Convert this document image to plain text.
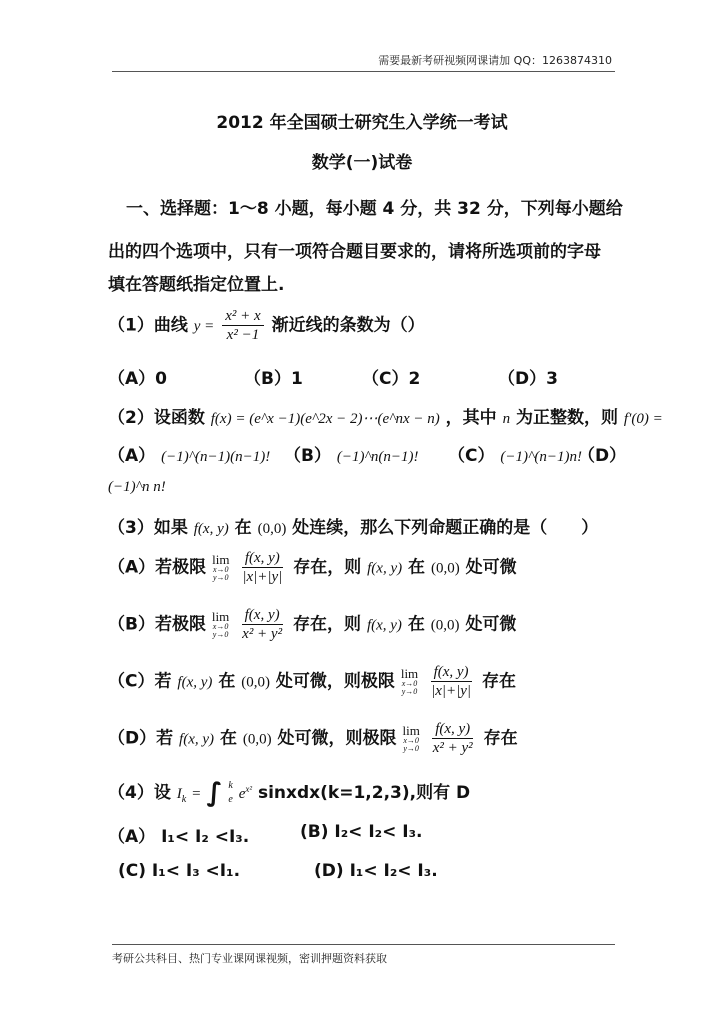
需要最新考研视频网课请加 QQ：1263874310
2012 年全国硕士研究生入学统一考试
数学(一)试卷
一、选择题：1～8 小题，每小题 4 分，共 32 分，下列每小题给
出的四个选项中，只有一项符合题目要求的，请将所选项前的字母
填在答题纸指定位置上.
（1）曲线 $y = \frac{\text{x² + x}}{\text{x² −1}}$ 渐近线的条数为（）
（A）0	（B）1	（C）2	（D）3
（2）设函数 f(x) = (e^x −1)(e^2x − 2)⋯(e^nx − n) ，其中 n 为正整数，则 f′(0) =
（A） (−1)^(n−1)(n−1)! （B） (−1)^n(n−1)! （C） (−1)^(n−1)n!
（D）
(−1)^n n!
（3）如果 f(x, y) 在 (0,0) 处连续，那么下列命题正确的是（　　）
（A）若极限 lim
x→0
y→0
$\frac{f(x, y)}{|x|+|y|}$ 存在，则 f(x, y) 在 (0,0) 处可微
（B）若极限 lim
x→0
y→0
$\frac{f(x, y)}{\text{x² + y²}}$ 存在，则 f(x, y) 在 (0,0) 处可微
（C）若 f(x, y) 在 (0,0) 处可微，则极限 lim
x→0
y→0
$\frac{f(x, y)}{|x|+|y|}$ 存在
（D）若 f(x, y) 在 (0,0) 处可微，则极限 lim
x→0
y→0
$\frac{f(x, y)}{\text{x² + y²}}$ 存在
（4）设 $I_k$ = ∫ k
e $e^{x^2}$ sinxdx(k=1,2,3),则有 D
（A） I₁< I₂ <I₃.	(B) I₂< I₂< I₃.
(C) I₁< I₃ <I₁.	(D) I₁< I₂< I₃.
考研公共科目、热门专业课网课视频，密训押题资料获取
